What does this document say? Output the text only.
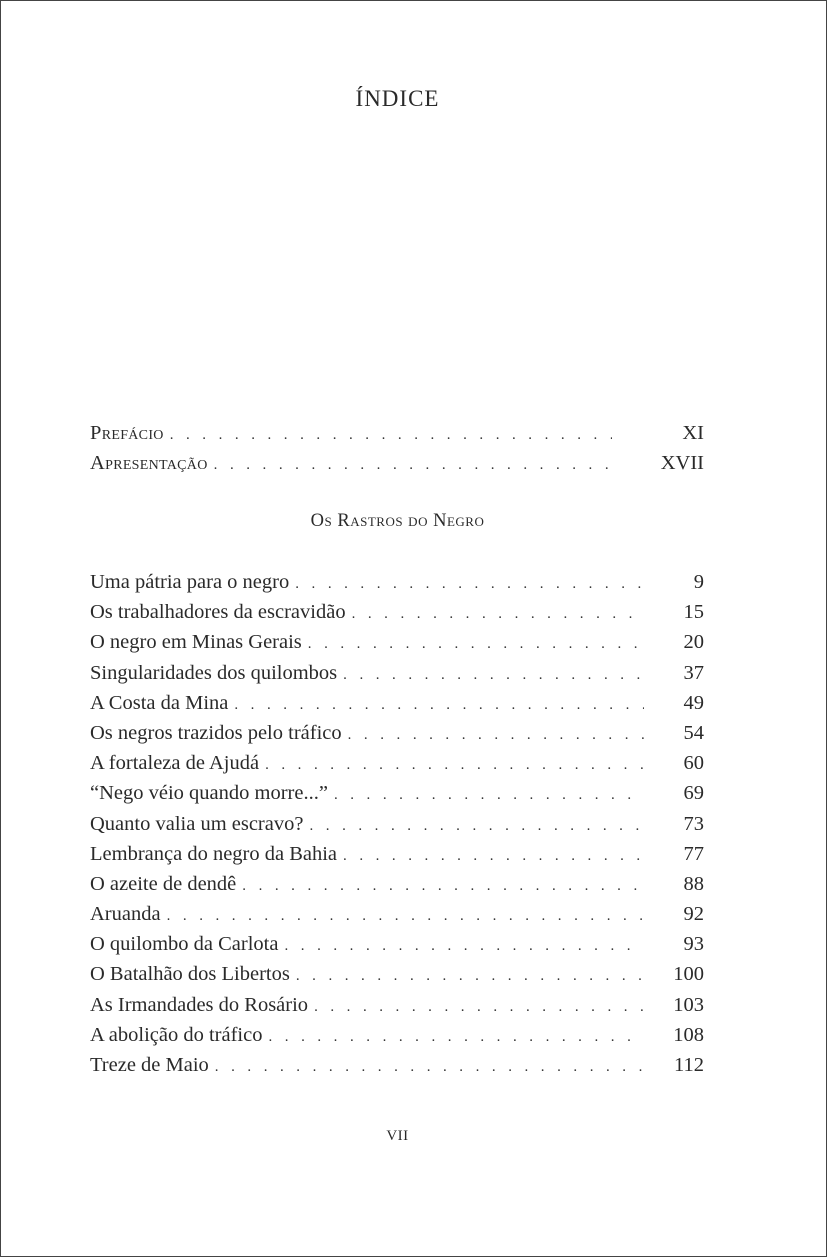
ÍNDICE
Prefácio . . .	XI
Apresentação . . .	XVII
Os Rastros do Negro
Uma pátria para o negro . . .	9
Os trabalhadores da escravidão . . .	15
O negro em Minas Gerais . . .	20
Singularidades dos quilombos . . .	37
A Costa da Mina . . .	49
Os negros trazidos pelo tráfico . . .	54
A fortaleza de Ajudá . . .	60
“Nego véio quando morre...” . . .	69
Quanto valia um escravo? . . .	73
Lembrança do negro da Bahia . . .	77
O azeite de dendê . . .	88
Aruanda . . .	92
O quilombo da Carlota . . .	93
O Batalhão dos Libertos . . .	100
As Irmandades do Rosário . . .	103
A abolição do tráfico . . .	108
Treze de Maio . . .	112
VII
